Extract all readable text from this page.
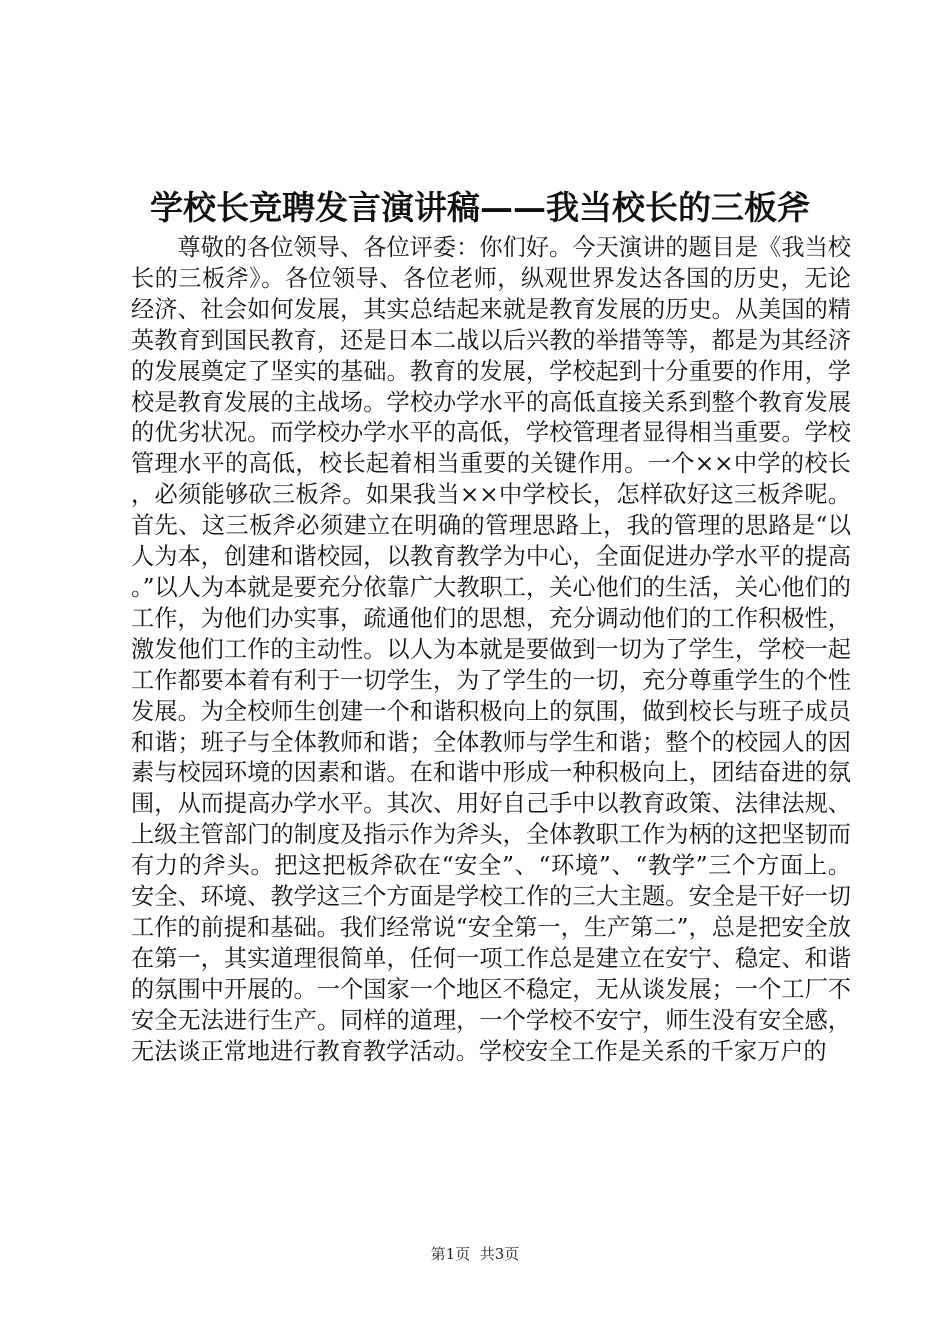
学校长竞聘发言演讲稿——我当校长的三板斧

尊敬的各位领导、各位评委：你们好。今天演讲的题目是《我当校长的三板斧》。各位领导、各位老师，纵观世界发达各国的历史，无论经济、社会如何发展，其实总结起来就是教育发展的历史。从美国的精英教育到国民教育，还是日本二战以后兴教的举措等等，都是为其经济的发展奠定了坚实的基础。教育的发展，学校起到十分重要的作用，学校是教育发展的主战场。学校办学水平的高低直接关系到整个教育发展的优劣状况。而学校办学水平的高低，学校管理者显得相当重要。学校管理水平的高低，校长起着相当重要的关键作用。一个××中学的校长，必须能够砍三板斧。如果我当××中学校长，怎样砍好这三板斧呢。首先、这三板斧必须建立在明确的管理思路上，我的管理的思路是“以人为本，创建和谐校园，以教育教学为中心，全面促进办学水平的提高。”以人为本就是要充分依靠广大教职工，关心他们的生活，关心他们的工作，为他们办实事，疏通他们的思想，充分调动他们的工作积极性，激发他们工作的主动性。以人为本就是要做到一切为了学生，学校一起工作都要本着有利于一切学生，为了学生的一切，充分尊重学生的个性发展。为全校师生创建一个和谐积极向上的氛围，做到校长与班子成员和谐；班子与全体教师和谐；全体教师与学生和谐；整个的校园人的因素与校园环境的因素和谐。在和谐中形成一种积极向上，团结奋进的氛围，从而提高办学水平。其次、用好自己手中以教育政策、法律法规、上级主管部门的制度及指示作为斧头，全体教职工作为柄的这把坚韧而有力的斧头。把这把板斧砍在“安全”、“环境”、“教学”三个方面上。安全、环境、教学这三个方面是学校工作的三大主题。安全是干好一切工作的前提和基础。我们经常说“安全第一，生产第二”，总是把安全放在第一，其实道理很简单，任何一项工作总是建立在安宁、稳定、和谐的氛围中开展的。一个国家一个地区不稳定，无从谈发展；一个工厂不安全无法进行生产。同样的道理，一个学校不安宁，师生没有安全感，无法谈正常地进行教育教学活动。学校安全工作是关系的千家万户的

第1页 共3页
